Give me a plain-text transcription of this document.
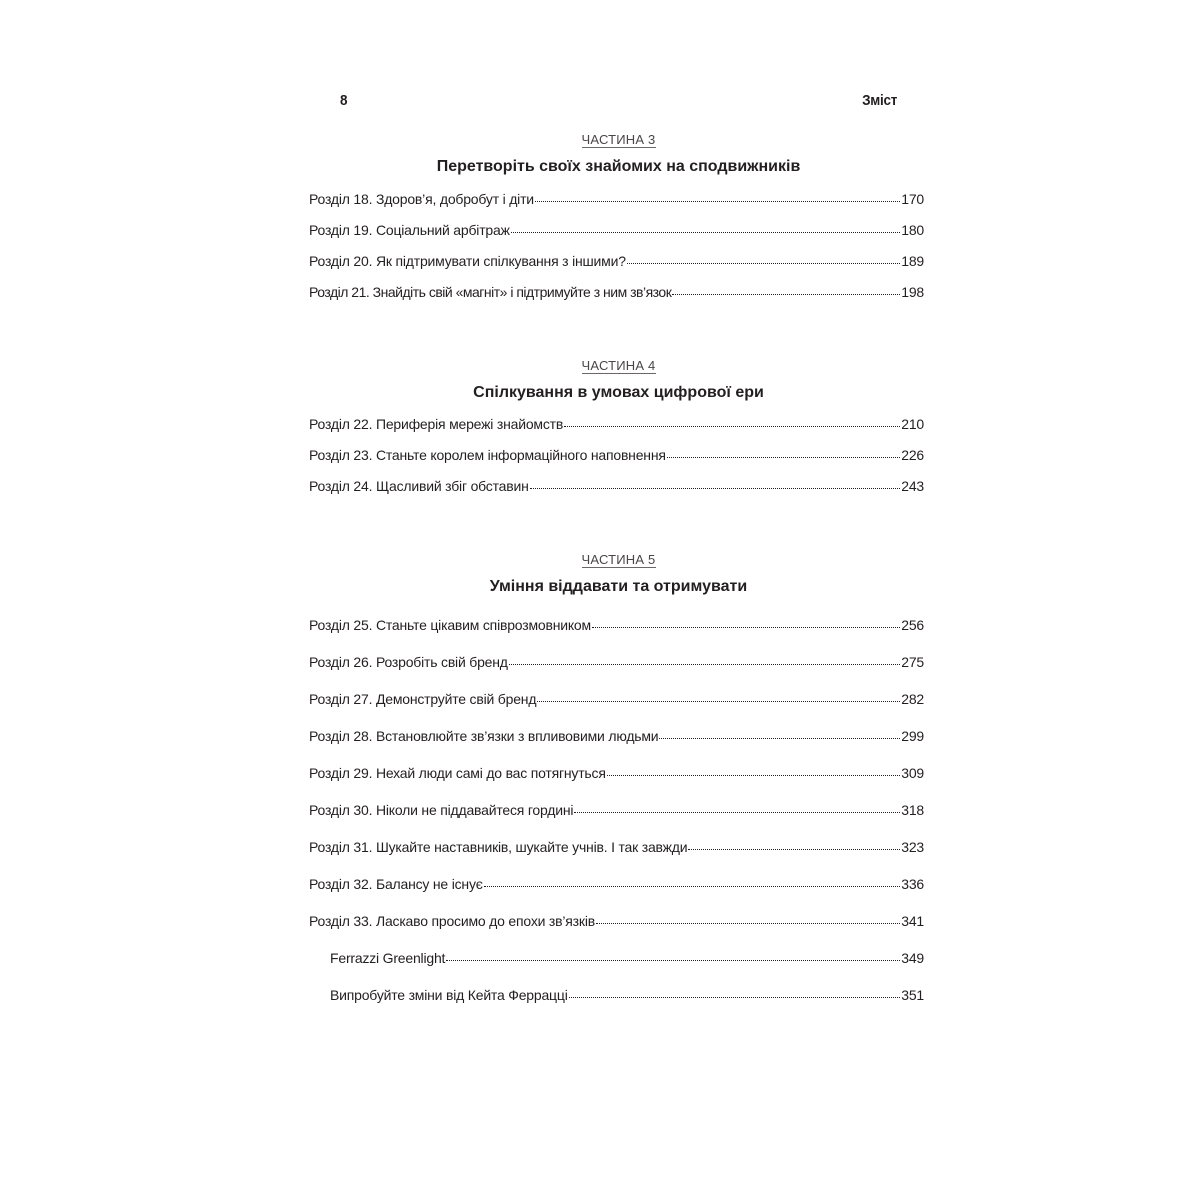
8	Зміст
ЧАСТИНА 3
Перетворіть своїх знайомих на сподвижників
Розділ 18. Здоров’я, добробут і діти	170
Розділ 19. Соціальний арбітраж	180
Розділ 20. Як підтримувати спілкування з іншими?	189
Розділ 21. Знайдіть свій «магніт» і підтримуйте з ним зв’язок	198
ЧАСТИНА 4
Спілкування в умовах цифрової ери
Розділ 22. Периферія мережі знайомств	210
Розділ 23. Станьте королем інформаційного наповнення	226
Розділ 24. Щасливий збіг обставин	243
ЧАСТИНА 5
Уміння віддавати та отримувати
Розділ 25. Станьте цікавим співрозмовником	256
Розділ 26. Розробіть свій бренд	275
Розділ 27. Демонструйте свій бренд	282
Розділ 28. Встановлюйте зв’язки з впливовими людьми	299
Розділ 29. Нехай люди самі до вас потягнуться	309
Розділ 30. Ніколи не піддавайтеся гордині	318
Розділ 31. Шукайте наставників, шукайте учнів. І так завжди	323
Розділ 32. Балансу не існує	336
Розділ 33. Ласкаво просимо до епохи зв’язків	341
Ferrazzi Greenlight	349
Випробуйте зміни від Кейта Феррацці	351
